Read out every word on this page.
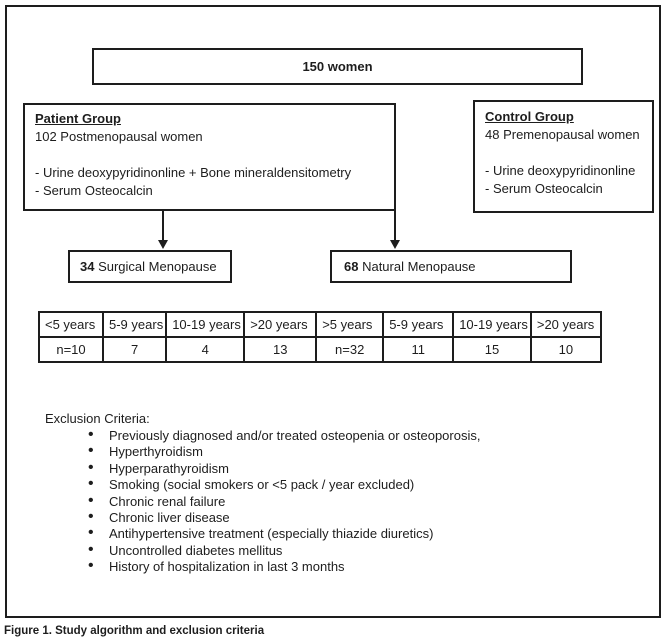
150 women
Patient Group
102 Postmenopausal women
- Urine deoxypyridinonline + Bone mineraldensitometry
- Serum Osteocalcin
Control Group
48 Premenopausal women
- Urine deoxypyridinonline
- Serum Osteocalcin
34 Surgical Menopause	68 Natural Menopause
<5 years	5-9 years	10-19 years	>20 years	>5 years	5-9 years	10-19 years	>20 years
n=10	7	4	13	n=32	11	15	10
Exclusion Criteria:
• Previously diagnosed and/or treated osteopenia or osteoporosis,
• Hyperthyroidism
• Hyperparathyroidism
• Smoking (social smokers or <5 pack / year excluded)
• Chronic renal failure
• Chronic liver disease
• Antihypertensive treatment (especially thiazide diuretics)
• Uncontrolled diabetes mellitus
• History of hospitalization in last 3 months
Figure 1. Study algorithm and exclusion criteria
